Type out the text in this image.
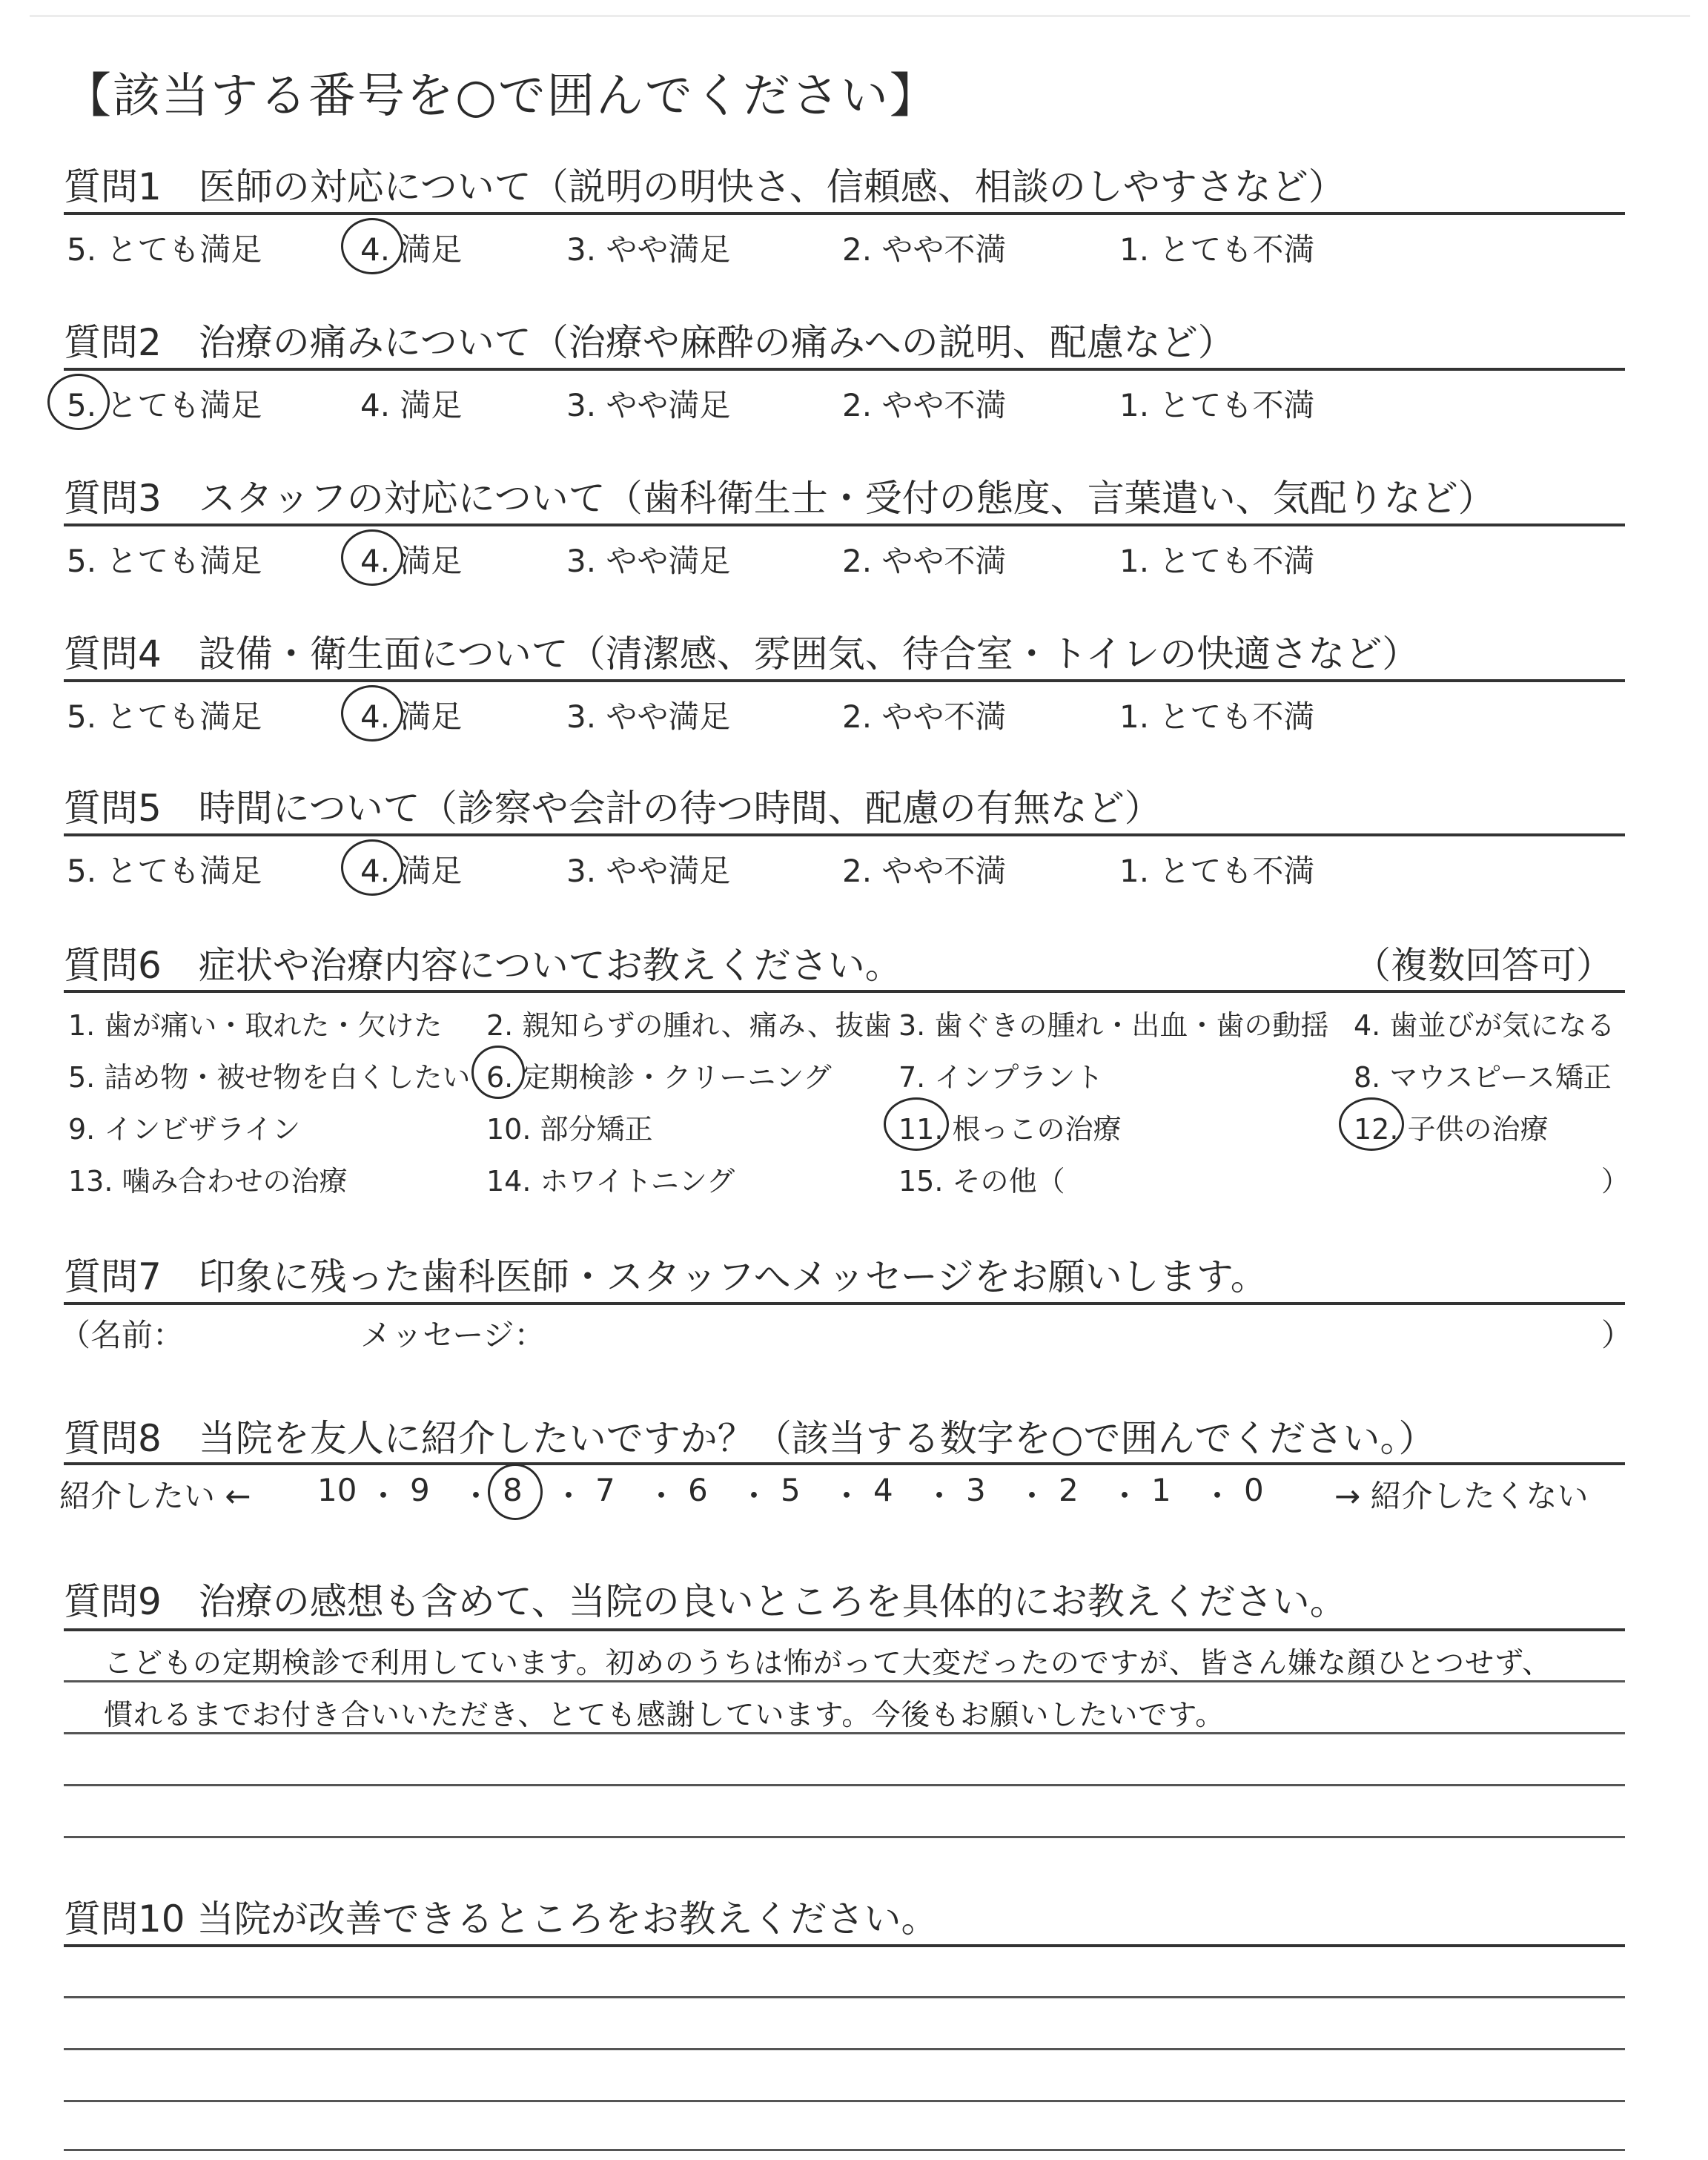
【該当する番号を○で囲んでください】
質問1　医師の対応について（説明の明快さ、信頼感、相談のしやすさなど）
5. とても満足	4. 満足	3. やや満足	2. やや不満	1. とても不満
質問2　治療の痛みについて（治療や麻酔の痛みへの説明、配慮など）
5. とても満足	4. 満足	3. やや満足	2. やや不満	1. とても不満
質問3　スタッフの対応について（歯科衛生士・受付の態度、言葉遣い、気配りなど）
5. とても満足	4. 満足	3. やや満足	2. やや不満	1. とても不満
質問4　設備・衛生面について（清潔感、雰囲気、待合室・トイレの快適さなど）
5. とても満足	4. 満足	3. やや満足	2. やや不満	1. とても不満
質問5　時間について（診察や会計の待つ時間、配慮の有無など）
5. とても満足	4. 満足	3. やや満足	2. やや不満	1. とても不満
質問6　症状や治療内容についてお教えください。	（複数回答可）
1. 歯が痛い・取れた・欠けた 2. 親知らずの腫れ、痛み、抜歯 3. 歯ぐきの腫れ・出血・歯の動揺 4. 歯並びが気になる
5. 詰め物・被せ物を白くしたい 6. 定期検診・クリーニング 7. インプラント	8. マウスピース矯正
9. インビザライン	10. 部分矯正	11. 根っこの治療	12. 子供の治療
13. 噛み合わせの治療	14. ホワイトニング	15. その他（	）
質問7　印象に残った歯科医師・スタッフへメッセージをお願いします。
（名前：	メッセージ：	）
質問8　当院を友人に紹介したいですか？（該当する数字を○で囲んでください。）
紹介したい ← 10 ・ 9 ・ 8 ・ 7 ・ 6 ・ 5 ・ 4 ・ 3 ・ 2 ・ 1 ・ 0 → 紹介したくない
質問9　治療の感想も含めて、当院の良いところを具体的にお教えください。
こどもの定期検診で利用しています。初めのうちは怖がって大変だったのですが、皆さん嫌な顔ひとつせず、
慣れるまでお付き合いいただき、とても感謝しています。今後もお願いしたいです。
質問10 当院が改善できるところをお教えください。
